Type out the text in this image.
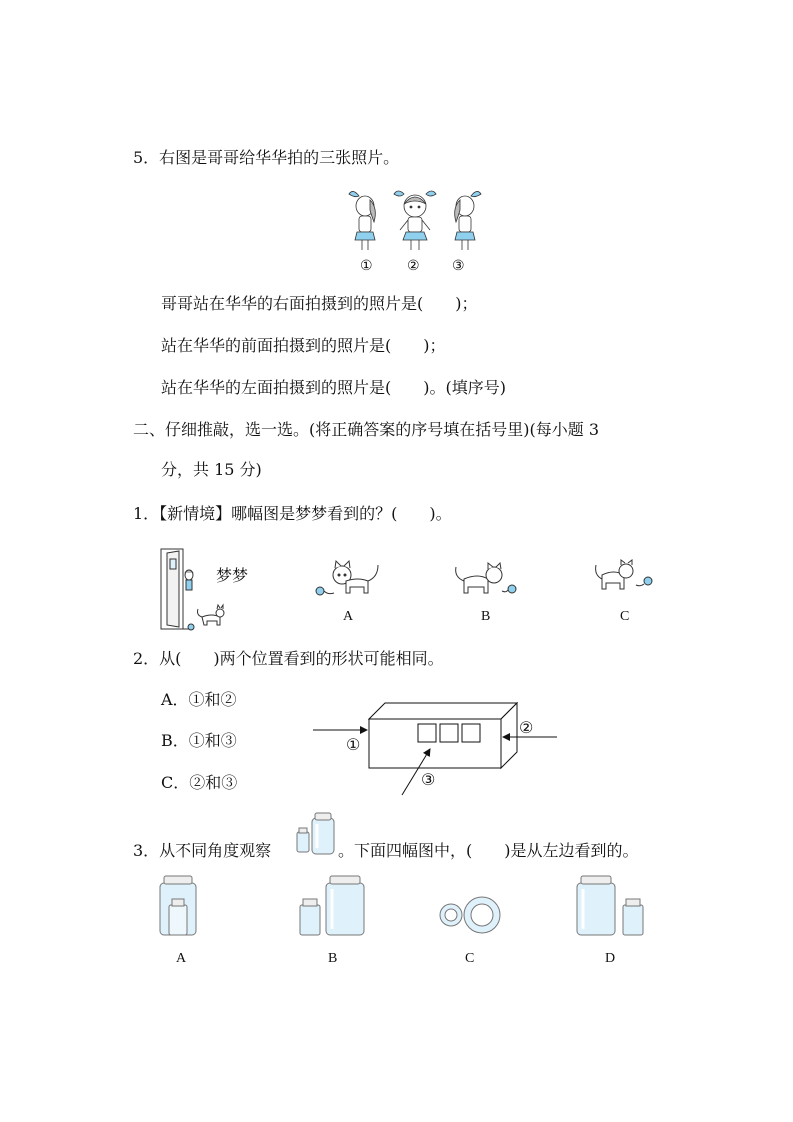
5．右图是哥哥给华华拍的三张照片。
① ② ③
哥哥站在华华的右面拍摄到的照片是(　　)；
站在华华的前面拍摄到的照片是(　　)；
站在华华的左面拍摄到的照片是(　　)。(填序号)
二、仔细推敲，选一选。(将正确答案的序号填在括号里)(每小题 3
分，共 15 分)
1．【新情境】哪幅图是梦梦看到的？(　　)。
梦梦
A	B	C
2．从(　　)两个位置看到的形状可能相同。
A．①和②
B．①和③
C．②和③
①
②
③
3．从不同角度观察	。下面四幅图中，(　　)是从左边看到的。
A	B	C	D
